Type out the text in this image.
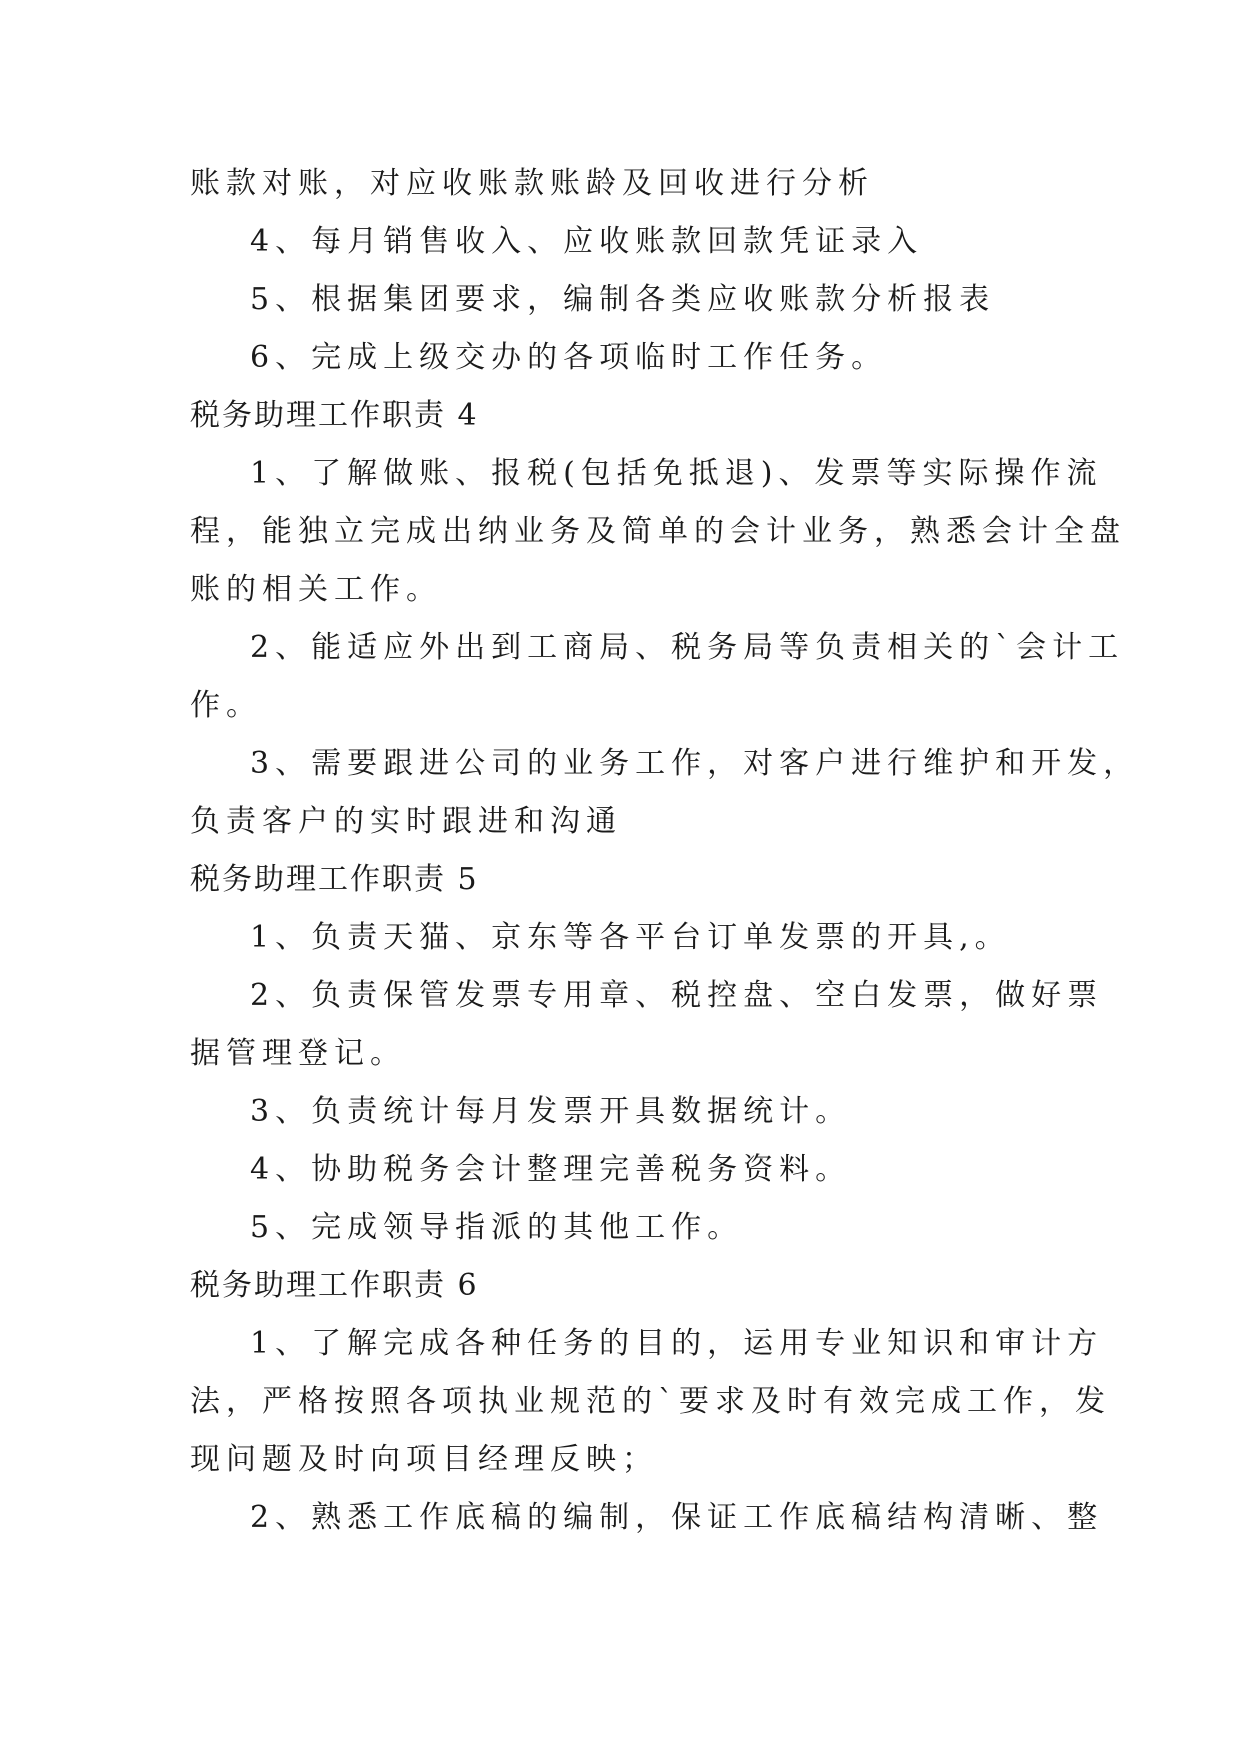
账款对账，对应收账款账龄及回收进行分析
4、每月销售收入、应收账款回款凭证录入
5、根据集团要求，编制各类应收账款分析报表
6、完成上级交办的各项临时工作任务。
税务助理工作职责 4
1、了解做账、报税(包括免抵退)、发票等实际操作流
程，能独立完成出纳业务及简单的会计业务，熟悉会计全盘
账的相关工作。
2、能适应外出到工商局、税务局等负责相关的`会计工
作。
3、需要跟进公司的业务工作，对客户进行维护和开发，
负责客户的实时跟进和沟通
税务助理工作职责 5
1、负责天猫、京东等各平台订单发票的开具,。
2、负责保管发票专用章、税控盘、空白发票，做好票
据管理登记。
3、负责统计每月发票开具数据统计。
4、协助税务会计整理完善税务资料。
5、完成领导指派的其他工作。
税务助理工作职责 6
1、了解完成各种任务的目的，运用专业知识和审计方
法，严格按照各项执业规范的`要求及时有效完成工作，发
现问题及时向项目经理反映；
2、熟悉工作底稿的编制，保证工作底稿结构清晰、整
